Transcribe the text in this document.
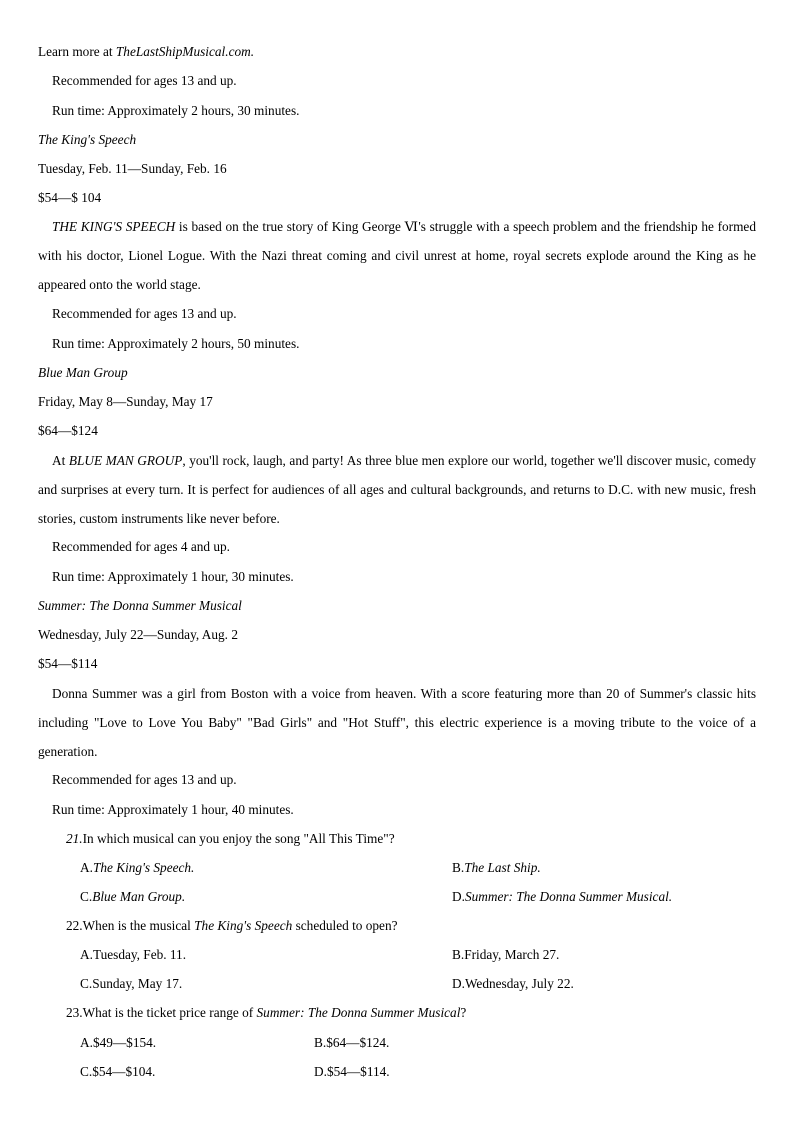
Learn more at TheLastShipMusical.com.
Recommended for ages 13 and up.
Run time: Approximately 2 hours, 30 minutes.
The King's Speech
Tuesday, Feb. 11—Sunday, Feb. 16
$54—$ 104
THE KING'S SPEECH is based on the true story of King George Ⅵ's struggle with a speech problem and the friendship he formed with his doctor, Lionel Logue. With the Nazi threat coming and civil unrest at home, royal secrets explode around the King as he appeared onto the world stage.
Recommended for ages 13 and up.
Run time: Approximately 2 hours, 50 minutes.
Blue Man Group
Friday, May 8—Sunday, May 17
$64—$124
At BLUE MAN GROUP, you'll rock, laugh, and party! As three blue men explore our world, together we'll discover music, comedy and surprises at every turn. It is perfect for audiences of all ages and cultural backgrounds, and returns to D.C. with new music, fresh stories, custom instruments like never before.
Recommended for ages 4 and up.
Run time: Approximately 1 hour, 30 minutes.
Summer: The Donna Summer Musical
Wednesday, July 22—Sunday, Aug. 2
$54—$114
Donna Summer was a girl from Boston with a voice from heaven. With a score featuring more than 20 of Summer's classic hits including "Love to Love You Baby" "Bad Girls" and "Hot Stuff", this electric experience is a moving tribute to the voice of a generation.
Recommended for ages 13 and up.
Run time: Approximately 1 hour, 40 minutes.
21.In which musical can you enjoy the song "All This Time"?
A.The King's Speech.	B.The Last Ship.
C.Blue Man Group.	D.Summer: The Donna Summer Musical.
22.When is the musical The King's Speech scheduled to open?
A.Tuesday, Feb. 11.	B.Friday, March 27.
C.Sunday, May 17.	D.Wednesday, July 22.
23.What is the ticket price range of Summer: The Donna Summer Musical?
A.$49—$154.	B.$64—$124.
C.$54—$104.	D.$54—$114.
